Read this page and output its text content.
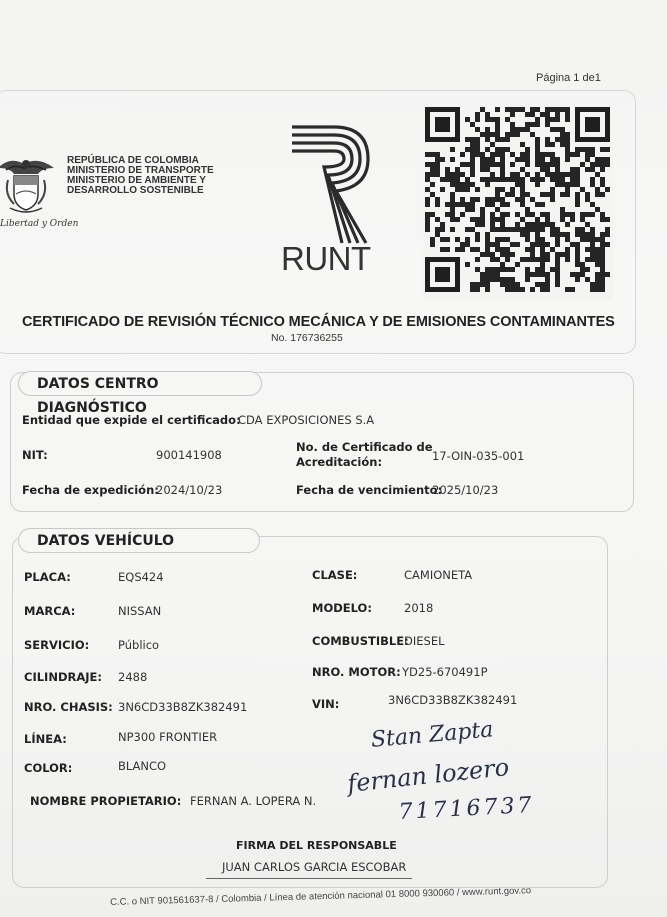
Página 1 de1
Libertad y Orden
REPÚBLICA DE COLOMBIA
MINISTERIO DE TRANSPORTE
MINISTERIO DE AMBIENTE Y
DESARROLLO SOSTENIBLE
RUNT
CERTIFICADO DE REVISIÓN TÉCNICO MECÁNICA Y DE EMISIONES CONTAMINANTES
No. 176736255
DATOS CENTRO DIAGNÓSTICO
Entidad que expide el certificado:
CDA EXPOSICIONES S.A
NIT:	900141908
No. de Certificado de
Acreditación:	17-OIN-035-001
Fecha de expedición:
2024/10/23	Fecha de vencimiento:
2025/10/23
DATOS VEHÍCULO
PLACA:	EQS424	CLASE:	CAMIONETA
MARCA:	NISSAN	MODELO:	2018
SERVICIO: Público	COMBUSTIBLE:
DIESEL
CILINDRAJE: 2488	NRO. MOTOR: YD25-670491P
NRO. CHASIS: 3N6CD33B8ZK382491	VIN:	3N6CD33B8ZK382491
LÍNEA:	NP300 FRONTIER
COLOR:	BLANCO
NOMBRE PROPIETARIO: FERNAN A. LOPERA N.
Stan Zapta
fernan lozero
71716737
FIRMA DEL RESPONSABLE
JUAN CARLOS GARCIA ESCOBAR
C.C. o NIT 901561637-8 / Colombia / Línea de atención nacional 01 8000 930060 / www.runt.gov.co
